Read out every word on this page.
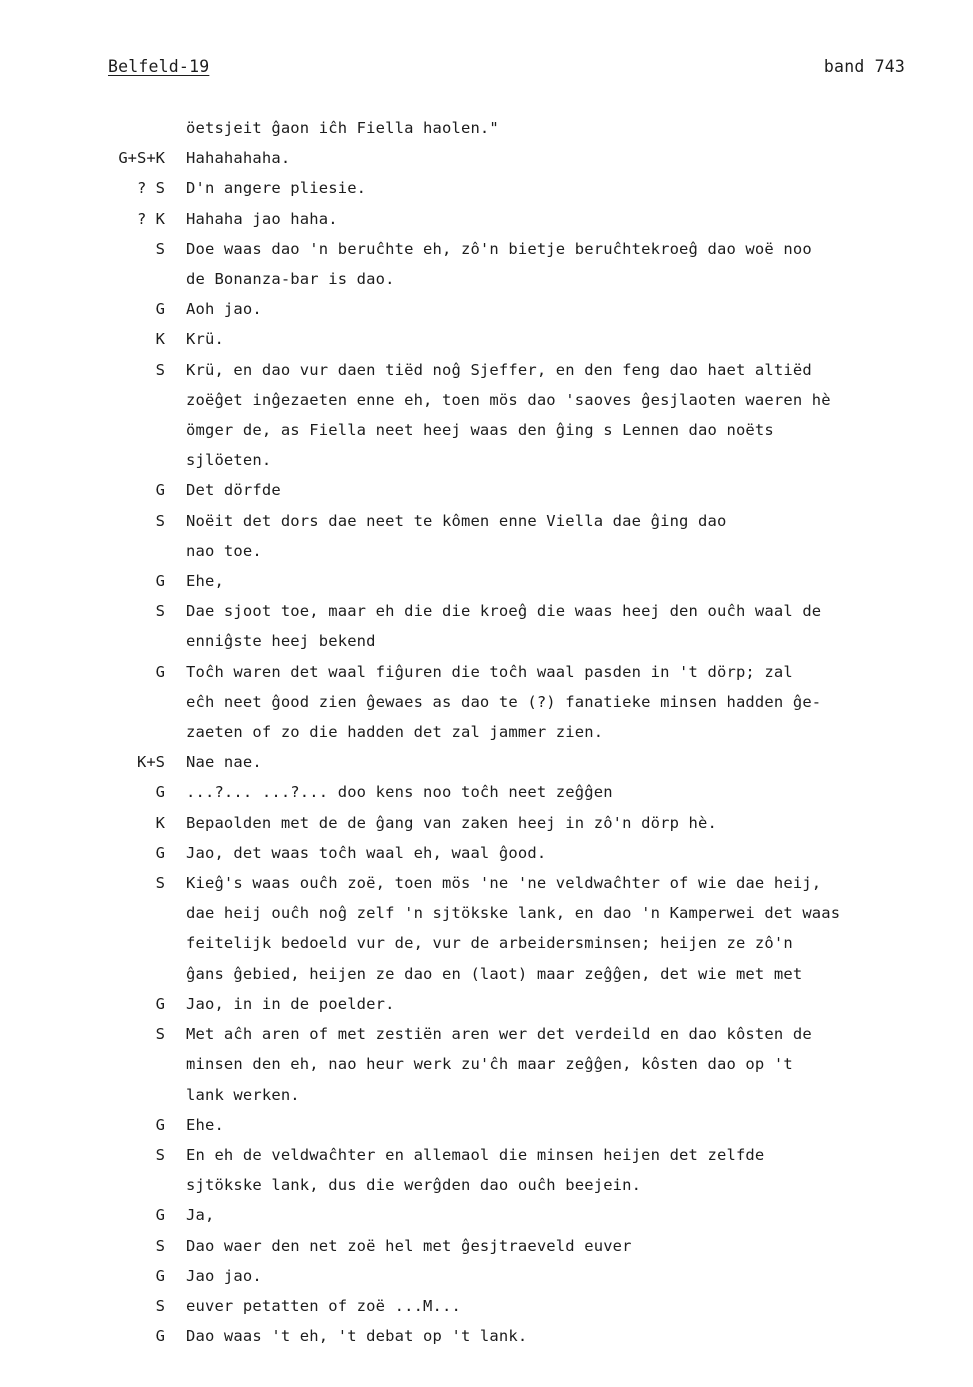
Belfeld-19	band 743
öetsjeit ĝaon iĉh Fiella haolen."
G+S+K Hahahahaha.
? S D'n angere pliesie.
? K Hahaha jao haha.
S Doe waas dao 'n beruĉhte eh, zô'n bietje beruĉhtekroeĝ dao woë noo
de Bonanza-bar is dao.
G Aoh jao.
K Krü.
S Krü, en dao vur daen tiëd noĝ Sjeffer, en den feng dao haet altiëd
zoëĝet inĝezaeten enne eh, toen mös dao 'saoves ĝesjlaoten waeren hè
ömger de, as Fiella neet heej waas den ĝing s Lennen dao noëts
sjlöeten.
G Det dörfde
S Noëit det dors dae neet te kômen enne Viella dae ĝing dao
nao toe.
G Ehe,
S Dae sjoot toe, maar eh die die kroeĝ die waas heej den ouĉh waal de
enniĝste heej bekend
G Toĉh waren det waal fiĝuren die toĉh waal pasden in 't dörp; zal
eĉh neet ĝood zien ĝewaes as dao te (?) fanatieke minsen hadden ĝe-
zaeten of zo die hadden det zal jammer zien.
K+S Nae nae.
G ...?... ...?... doo kens noo toĉh neet zeĝĝen
K Bepaolden met de de ĝang van zaken heej in zô'n dörp hè.
G Jao, det waas toĉh waal eh, waal ĝood.
S Kieĝ's waas ouĉh zoë, toen mös 'ne 'ne veldwaĉhter of wie dae heij,
dae heij ouĉh noĝ zelf 'n sjtökske lank, en dao 'n Kamperwei det waas
feitelijk bedoeld vur de, vur de arbeidersminsen; heijen ze zô'n
ĝans ĝebied, heijen ze dao en (laot) maar zeĝĝen, det wie met met
G Jao, in in de poelder.
S Met aĉh aren of met zestiën aren wer det verdeild en dao kôsten de
minsen den eh, nao heur werk zu'ĉh maar zeĝĝen, kôsten dao op 't
lank werken.
G Ehe.
S En eh de veldwaĉhter en allemaol die minsen heijen det zelfde
sjtökske lank, dus die werĝden dao ouĉh beejein.
G Ja,
S Dao waer den net zoë hel met ĝesjtraeveld euver
G Jao jao.
S euver petatten of zoë ...M...
G Dao waas 't eh, 't debat op 't lank.
